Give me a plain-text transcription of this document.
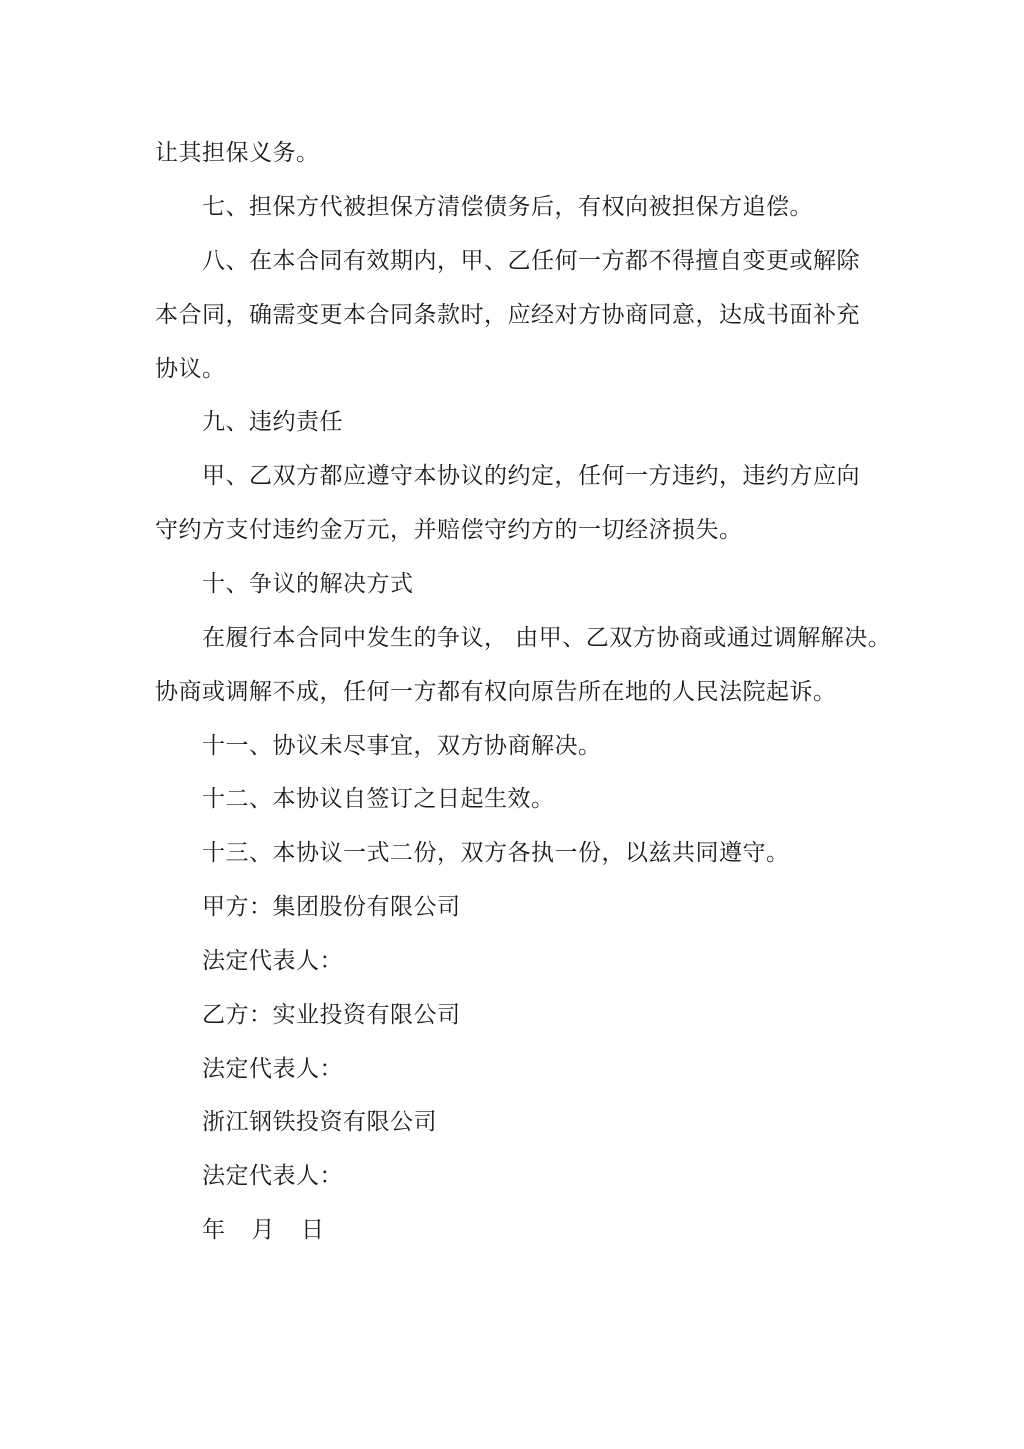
让其担保义务。
七、担保方代被担保方清偿债务后，有权向被担保方追偿。
八、在本合同有效期内，甲、乙任何一方都不得擅自变更或解除
本合同，确需变更本合同条款时，应经对方协商同意，达成书面补充
协议。
九、违约责任
甲、乙双方都应遵守本协议的约定，任何一方违约，违约方应向
守约方支付违约金万元，并赔偿守约方的一切经济损失。
十、争议的解决方式
在履行本合同中发生的争议， 由甲、乙双方协商或通过调解解决。
协商或调解不成，任何一方都有权向原告所在地的人民法院起诉。
十一、协议未尽事宜，双方协商解决。
十二、本协议自签订之日起生效。
十三、本协议一式二份，双方各执一份，以兹共同遵守。
甲方：集团股份有限公司
法定代表人：
乙方：实业投资有限公司
法定代表人：
浙江钢铁投资有限公司
法定代表人：
年 月 日
